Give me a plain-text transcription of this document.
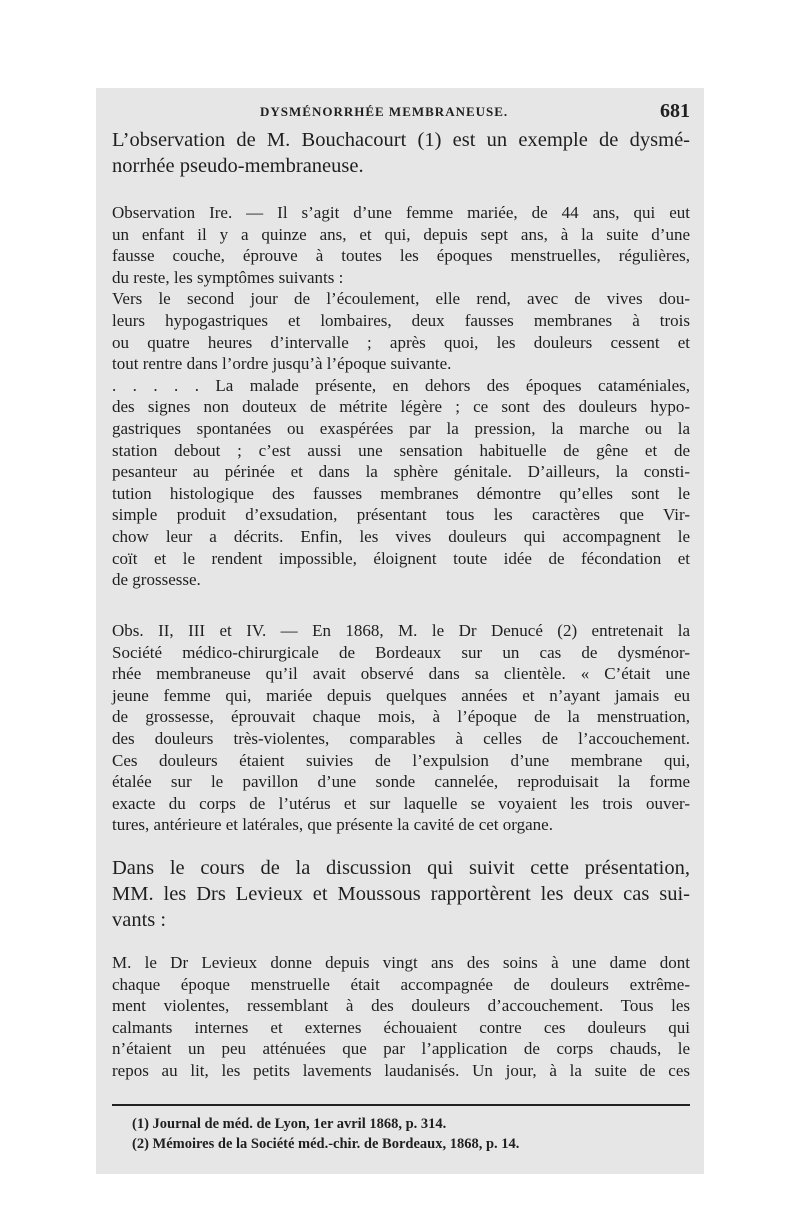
DYSMÉNORRHÉE MEMBRANEUSE.	681
L’observation de M. Bouchacourt (1) est un exemple de dysmé-
norrhée pseudo-membraneuse.
Observation Ire. — Il s’agit d’une femme mariée, de 44 ans, qui eut
un enfant il y a quinze ans, et qui, depuis sept ans, à la suite d’une
fausse couche, éprouve à toutes les époques menstruelles, régulières,
du reste, les symptômes suivants :
Vers le second jour de l’écoulement, elle rend, avec de vives dou-
leurs hypogastriques et lombaires, deux fausses membranes à trois
ou quatre heures d’intervalle ; après quoi, les douleurs cessent et
tout rentre dans l’ordre jusqu’à l’époque suivante.
. . . . . La malade présente, en dehors des époques cataméniales,
des signes non douteux de métrite légère ; ce sont des douleurs hypo-
gastriques spontanées ou exaspérées par la pression, la marche ou la
station debout ; c’est aussi une sensation habituelle de gêne et de
pesanteur au périnée et dans la sphère génitale. D’ailleurs, la consti-
tution histologique des fausses membranes démontre qu’elles sont le
simple produit d’exsudation, présentant tous les caractères que Vir-
chow leur a décrits. Enfin, les vives douleurs qui accompagnent le
coït et le rendent impossible, éloignent toute idée de fécondation et
de grossesse.
Obs. II, III et IV. — En 1868, M. le Dr Denucé (2) entretenait la
Société médico-chirurgicale de Bordeaux sur un cas de dysménor-
rhée membraneuse qu’il avait observé dans sa clientèle. « C’était une
jeune femme qui, mariée depuis quelques années et n’ayant jamais eu
de grossesse, éprouvait chaque mois, à l’époque de la menstruation,
des douleurs très-violentes, comparables à celles de l’accouchement.
Ces douleurs étaient suivies de l’expulsion d’une membrane qui,
étalée sur le pavillon d’une sonde cannelée, reproduisait la forme
exacte du corps de l’utérus et sur laquelle se voyaient les trois ouver-
tures, antérieure et latérales, que présente la cavité de cet organe.
Dans le cours de la discussion qui suivit cette présentation,
MM. les Drs Levieux et Moussous rapportèrent les deux cas sui-
vants :
M. le Dr Levieux donne depuis vingt ans des soins à une dame dont
chaque époque menstruelle était accompagnée de douleurs extrême-
ment violentes, ressemblant à des douleurs d’accouchement. Tous les
calmants internes et externes échouaient contre ces douleurs qui
n’étaient un peu atténuées que par l’application de corps chauds, le
repos au lit, les petits lavements laudanisés. Un jour, à la suite de ces
(1) Journal de méd. de Lyon, 1er avril 1868, p. 314.
(2) Mémoires de la Société méd.-chir. de Bordeaux, 1868, p. 14.
